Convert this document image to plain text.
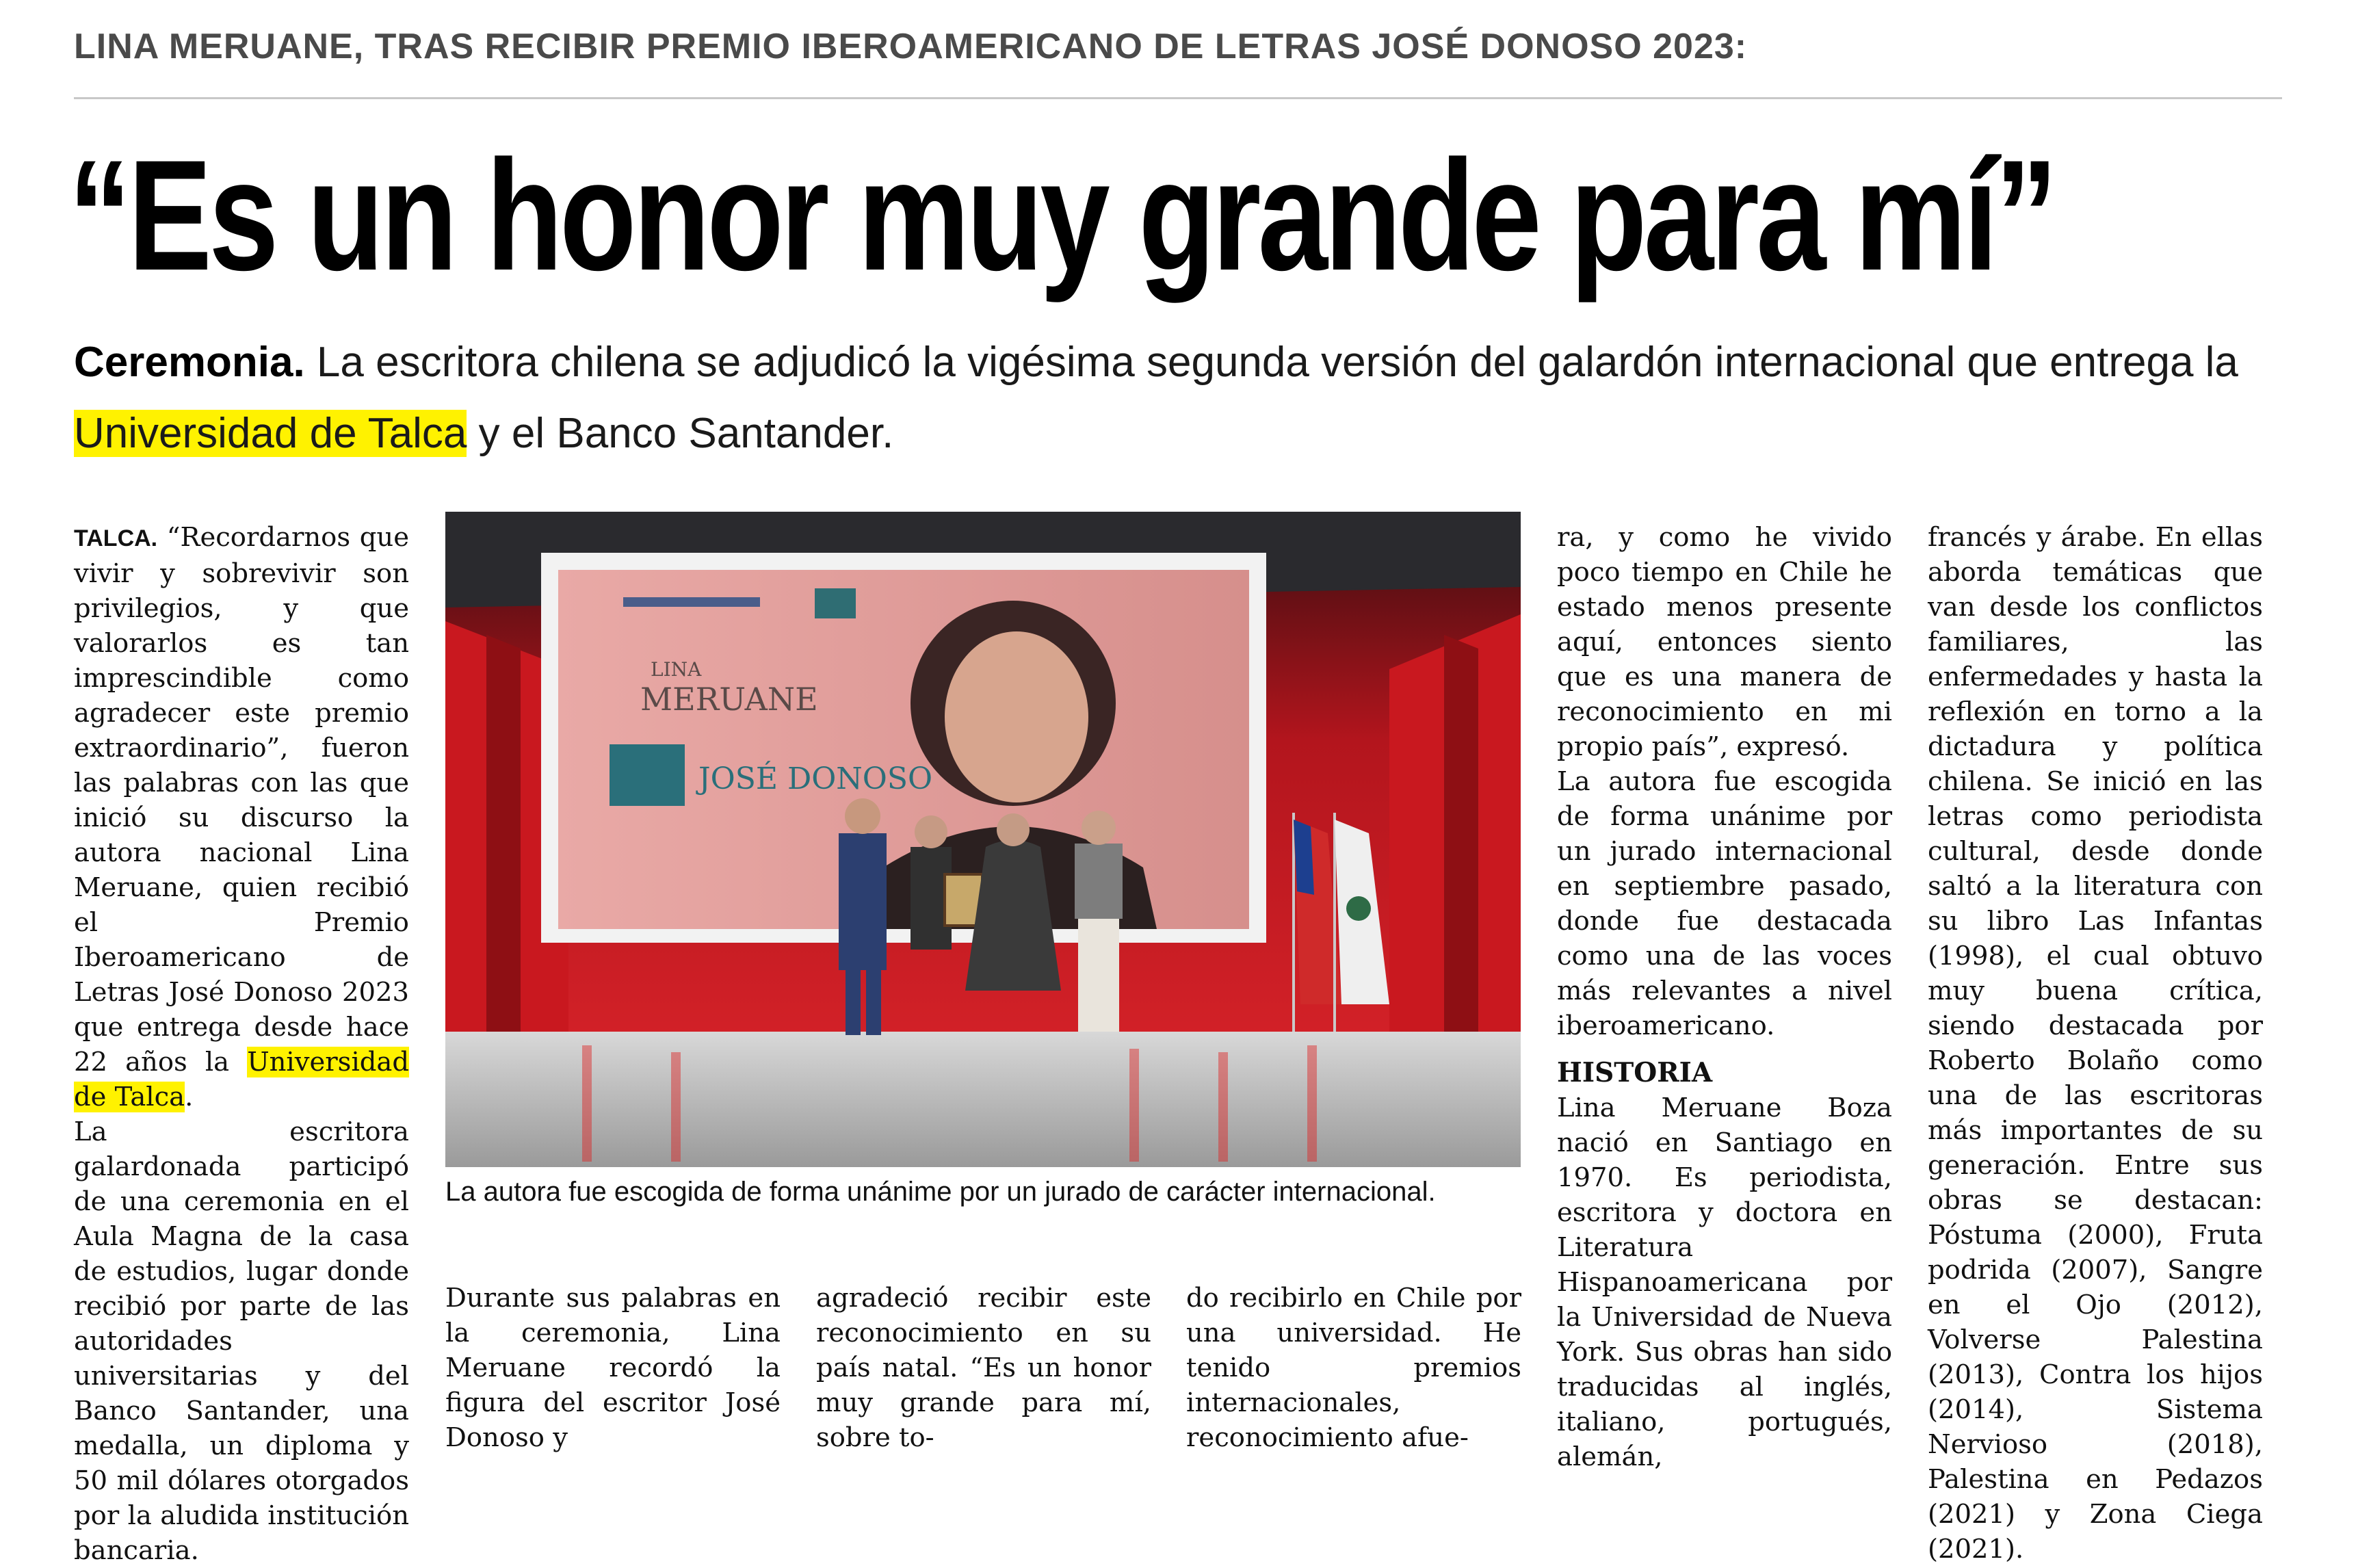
LINA MERUANE, TRAS RECIBIR PREMIO IBEROAMERICANO DE LETRAS JOSÉ DONOSO 2023:
“Es un honor muy grande para mí”
Ceremonia. La escritora chilena se adjudicó la vigésima segunda versión del galardón internacional que entrega la Universidad de Talca y el Banco Santander.

TALCA. “Recordarnos que vivir y sobrevivir son privilegios, y que valorarlos es tan imprescindible como agradecer este premio extraordinario”, fueron las palabras con las que inició su discurso la autora nacional Lina Meruane, quien recibió el Premio Iberoamericano de Letras José Donoso 2023 que entrega desde hace 22 años la Universidad de Talca.

La escritora galardonada participó de una ceremonia en el Aula Magna de la casa de estudios, lugar donde recibió por parte de las autoridades universitarias y del Banco Santander, una medalla, un diploma y 50 mil dólares otorgados por la aludida institución bancaria.

LINA
MERUANE
JOSÉ DONOSO
La autora fue escogida de forma unánime por un jurado de carácter internacional.

Durante sus palabras en la ceremonia, Lina Meruane recordó la figura del escritor José Donoso y

agradeció recibir este reconocimiento en su país natal. “Es un honor muy grande para mí, sobre to-

do recibirlo en Chile por una universidad. He tenido premios internacionales, reconocimiento afue-

ra, y como he vivido poco tiempo en Chile he estado menos presente aquí, entonces siento que es una manera de reconocimiento en mi propio país”, expresó.

La autora fue escogida de forma unánime por un jurado internacional en septiembre pasado, donde fue destacada como una de las voces más relevantes a nivel iberoamericano.

HISTORIA

Lina Meruane Boza nació en Santiago en 1970. Es periodista, escritora y doctora en Literatura Hispanoamericana por la Universidad de Nueva York. Sus obras han sido traducidas al inglés, italiano, portugués, alemán,

francés y árabe. En ellas aborda temáticas que van desde los conflictos familiares, las enfermedades y hasta la reflexión en torno a la dictadura y política chilena. Se inició en las letras como periodista cultural, desde donde saltó a la literatura con su libro Las Infantas (1998), el cual obtuvo muy buena crítica, siendo destacada por Roberto Bolaño como una de las escritoras más importantes de su generación. Entre sus obras se destacan: Póstuma (2000), Fruta podrida (2007), Sangre en el Ojo (2012), Volverse Palestina (2013), Contra los hijos (2014), Sistema Nervioso (2018), Palestina en Pedazos (2021) y Zona Ciega (2021).
